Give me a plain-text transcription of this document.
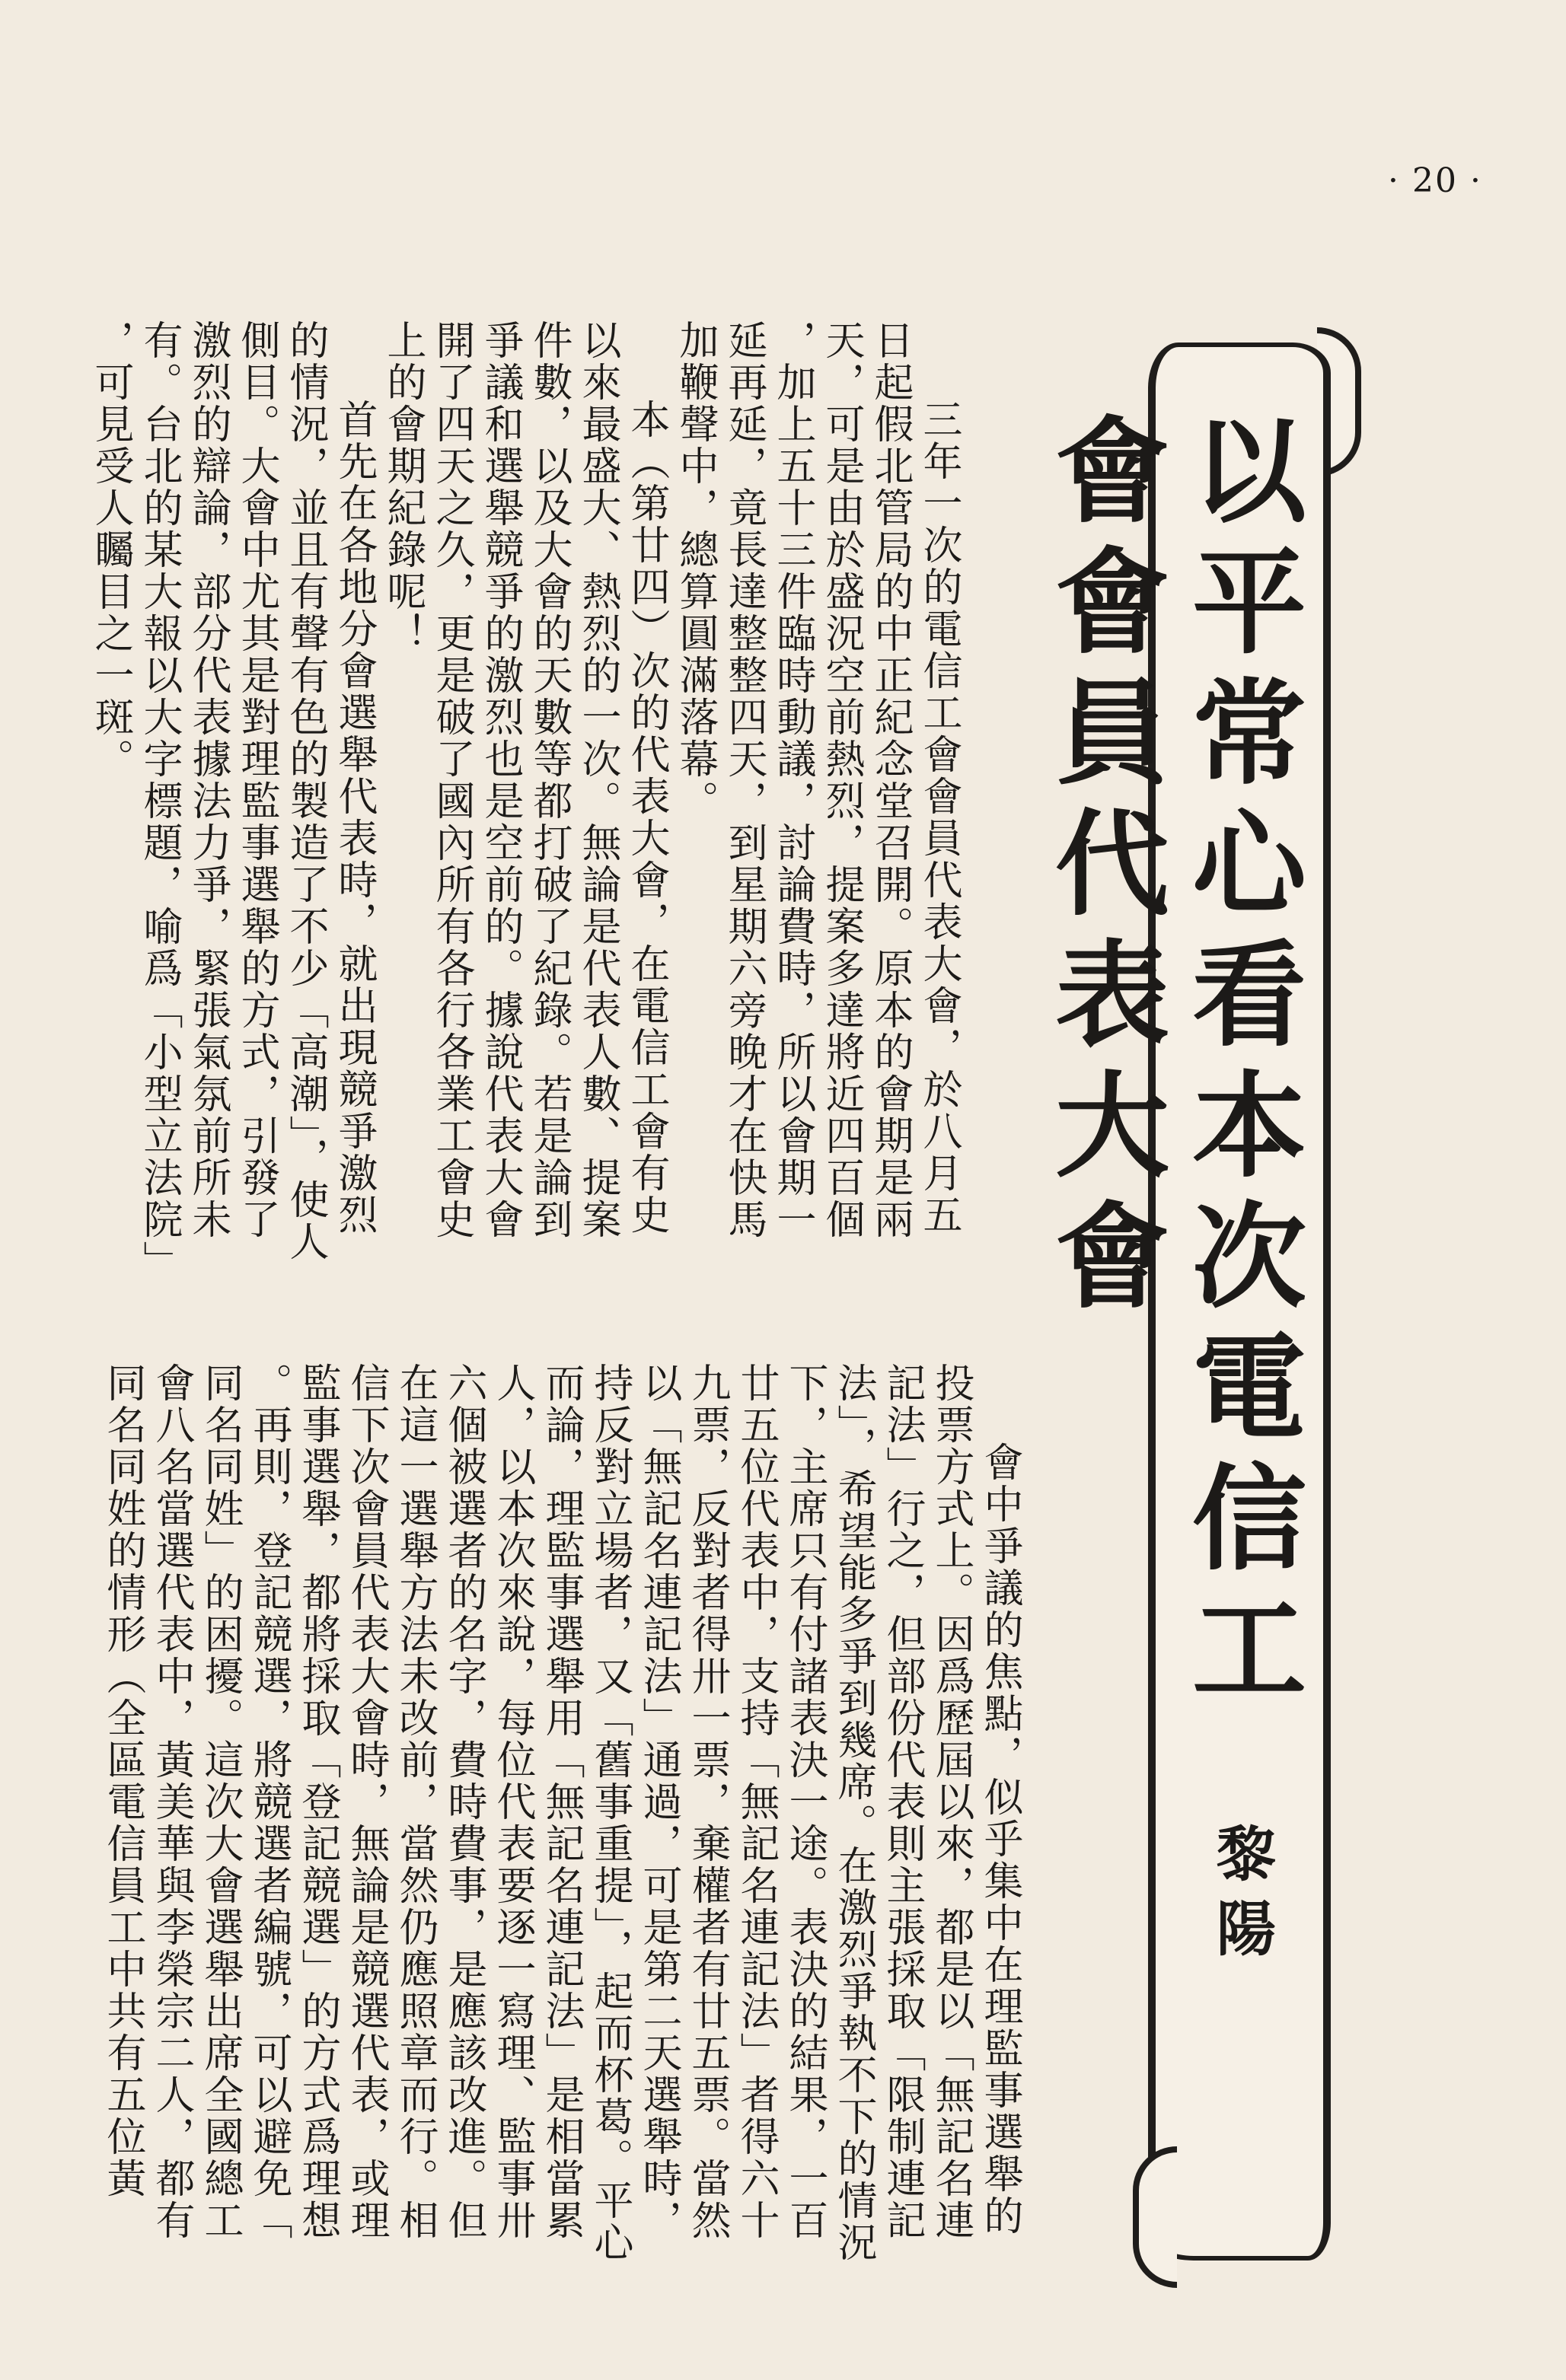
· 20 ·
以平常心看本次電信工會會員代表大會
黎陽

三年一次的電信工會會員代表大會，於八月五日起假北管局的中正紀念堂召開。原本的會期是兩天，可是由於盛況空前熱烈，提案多達將近四百個，加上五十三件臨時動議，討論費時，所以會期一延再延，竟長達整整四天，到星期六旁晚才在快馬加鞭聲中，總算圓滿落幕。

本（第廿四）次的代表大會，在電信工會有史以來最盛大、熱烈的一次。無論是代表人數、提案件數，以及大會的天數等都打破了紀錄。若是論到爭議和選舉競爭的激烈也是空前的。據說代表大會開了四天之久，更是破了國內所有各行各業工會史上的會期紀錄呢！

首先在各地分會選舉代表時，就出現競爭激烈的情況，並且有聲有色的製造了不少「高潮」，使人側目。大會中尤其是對理監事選舉的方式，引發了激烈的辯論，部分代表據法力爭，緊張氣氛前所未有。台北的某大報以大字標題，喻爲「小型立法院」，可見受人矚目之一斑。

會中爭議的焦點，似乎集中在理監事選舉的投票方式上。因爲歷屆以來，都是以「無記名連記法」行之，但部份代表則主張採取「限制連記法」，希望能多爭到幾席。在激烈爭執不下的情況下，主席只有付諸表決一途。表決的結果，一百廿五位代表中，支持「無記名連記法」者得六十九票，反對者得卅一票，棄權者有廿五票。當然以「無記名連記法」通過，可是第二天選舉時，持反對立場者，又「舊事重提」，起而杯葛。平心而論，理監事選舉用「無記名連記法」是相當累人，以本次來說，每位代表要逐一寫理、監事卅六個被選者的名字，費時費事，是應該改進。但在這一選舉方法未改前，當然仍應照章而行。相信下次會員代表大會時，無論是競選代表，或理監事選舉，都將採取「登記競選」的方式爲理想。再則，登記競選，將競選者編號，可以避免「同名同姓」的困擾。這次大會選舉出席全國總工會八名當選代表中，黃美華與李榮宗二人，都有同名同姓的情形（全區電信員工中共有五位黃
